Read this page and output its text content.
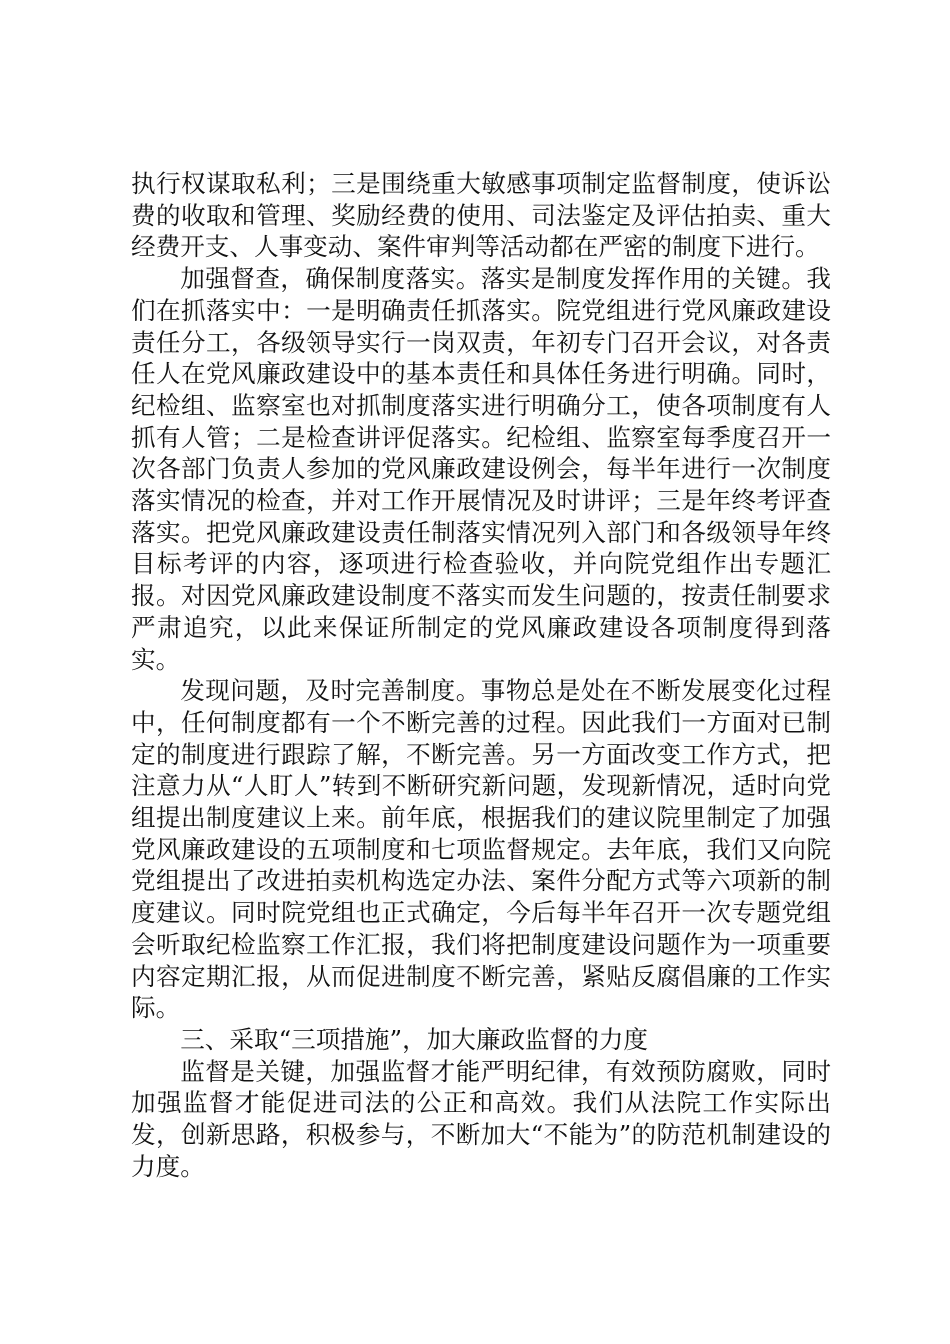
执行权谋取私利；三是围绕重大敏感事项制定监督制度，使诉讼费的收取和管理、奖励经费的使用、司法鉴定及评估拍卖、重大经费开支、人事变动、案件审判等活动都在严密的制度下进行。

加强督查，确保制度落实。落实是制度发挥作用的关键。我们在抓落实中：一是明确责任抓落实。院党组进行党风廉政建设责任分工，各级领导实行一岗双责，年初专门召开会议，对各责任人在党风廉政建设中的基本责任和具体任务进行明确。同时，纪检组、监察室也对抓制度落实进行明确分工，使各项制度有人抓有人管；二是检查讲评促落实。纪检组、监察室每季度召开一次各部门负责人参加的党风廉政建设例会，每半年进行一次制度落实情况的检查，并对工作开展情况及时讲评；三是年终考评查落实。把党风廉政建设责任制落实情况列入部门和各级领导年终目标考评的内容，逐项进行检查验收，并向院党组作出专题汇报。对因党风廉政建设制度不落实而发生问题的，按责任制要求严肃追究，以此来保证所制定的党风廉政建设各项制度得到落实。

发现问题，及时完善制度。事物总是处在不断发展变化过程中，任何制度都有一个不断完善的过程。因此我们一方面对已制定的制度进行跟踪了解，不断完善。另一方面改变工作方式，把注意力从“人盯人”转到不断研究新问题，发现新情况，适时向党组提出制度建议上来。前年底，根据我们的建议院里制定了加强党风廉政建设的五项制度和七项监督规定。去年底，我们又向院党组提出了改进拍卖机构选定办法、案件分配方式等六项新的制度建议。同时院党组也正式确定，今后每半年召开一次专题党组会听取纪检监察工作汇报，我们将把制度建设问题作为一项重要内容定期汇报，从而促进制度不断完善，紧贴反腐倡廉的工作实际。

三、采取“三项措施”，加大廉政监督的力度

监督是关键，加强监督才能严明纪律，有效预防腐败，同时加强监督才能促进司法的公正和高效。我们从法院工作实际出发，创新思路，积极参与，不断加大“不能为”的防范机制建设的力度。
